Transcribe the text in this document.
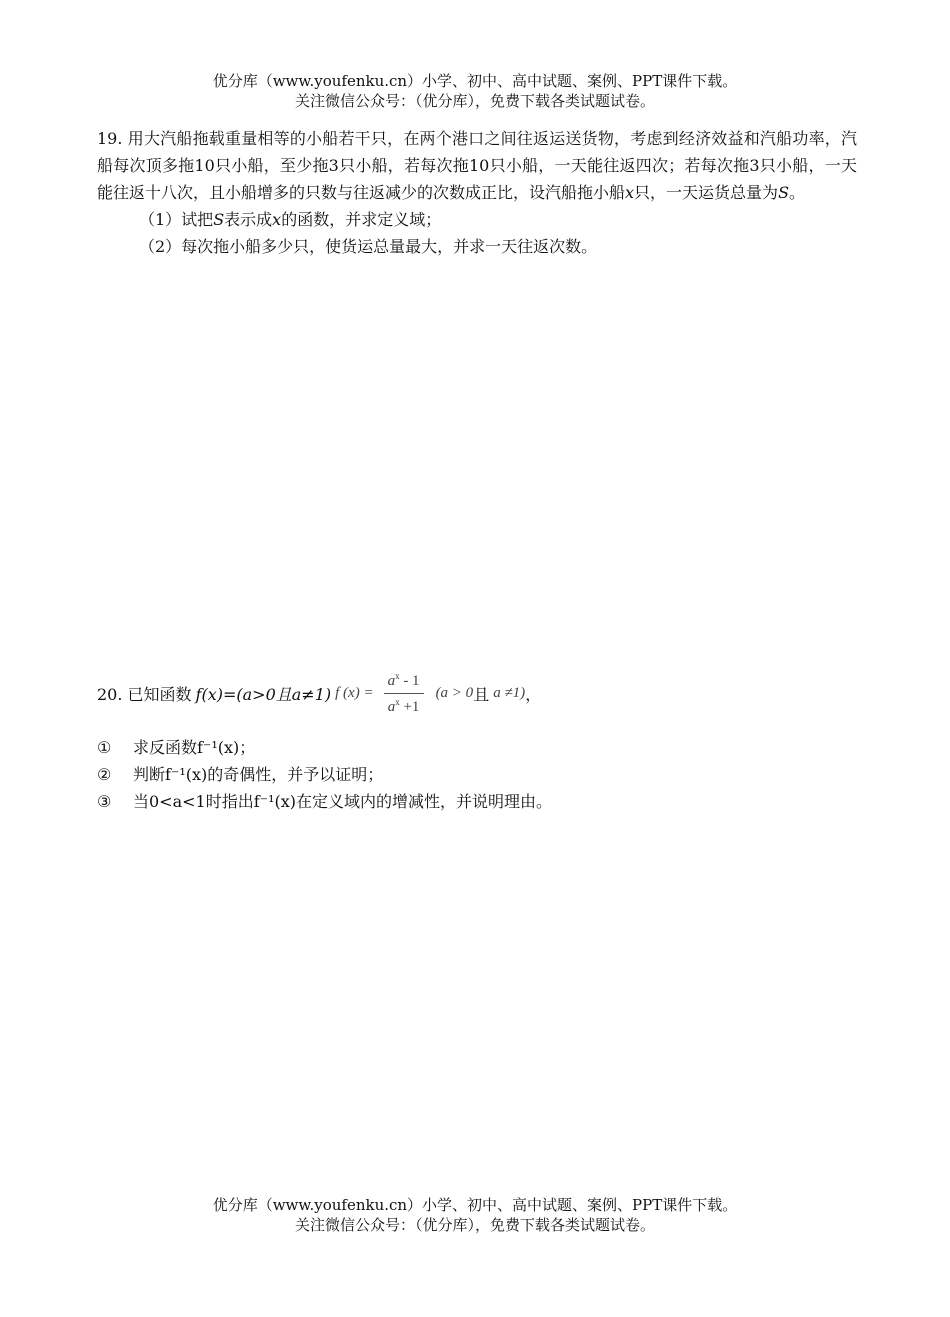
优分库（www.youfenku.cn）小学、初中、高中试题、案例、PPT课件下载。
关注微信公众号：（优分库），免费下载各类试题试卷。
19. 用大汽船拖载重量相等的小船若干只，在两个港口之间往返运送货物，考虑到经济效益和汽船功率，汽船每次顶多拖10只小船，至少拖3只小船，若每次拖10只小船，一天能往返四次；若每次拖3只小船，一天能往返十八次，且小船增多的只数与往返减少的次数成正比，设汽船拖小船x只，一天运货总量为S。
（1）试把S表示成x的函数，并求定义域；
（2）每次拖小船多少只，使货运总量最大，并求一天往返次数。
20. 已知函数 f(x)=(a>0且a≠1) f $(x) = \frac{a^x - 1}{a^x +1} (a > 0$ 且 a ≠1) ，
① 求反函数f⁻¹(x)；
② 判断f⁻¹(x)的奇偶性，并予以证明；
③ 当0<a<1时指出f⁻¹(x)在定义域内的增减性，并说明理由。
优分库（www.youfenku.cn）小学、初中、高中试题、案例、PPT课件下载。
关注微信公众号：（优分库），免费下载各类试题试卷。
